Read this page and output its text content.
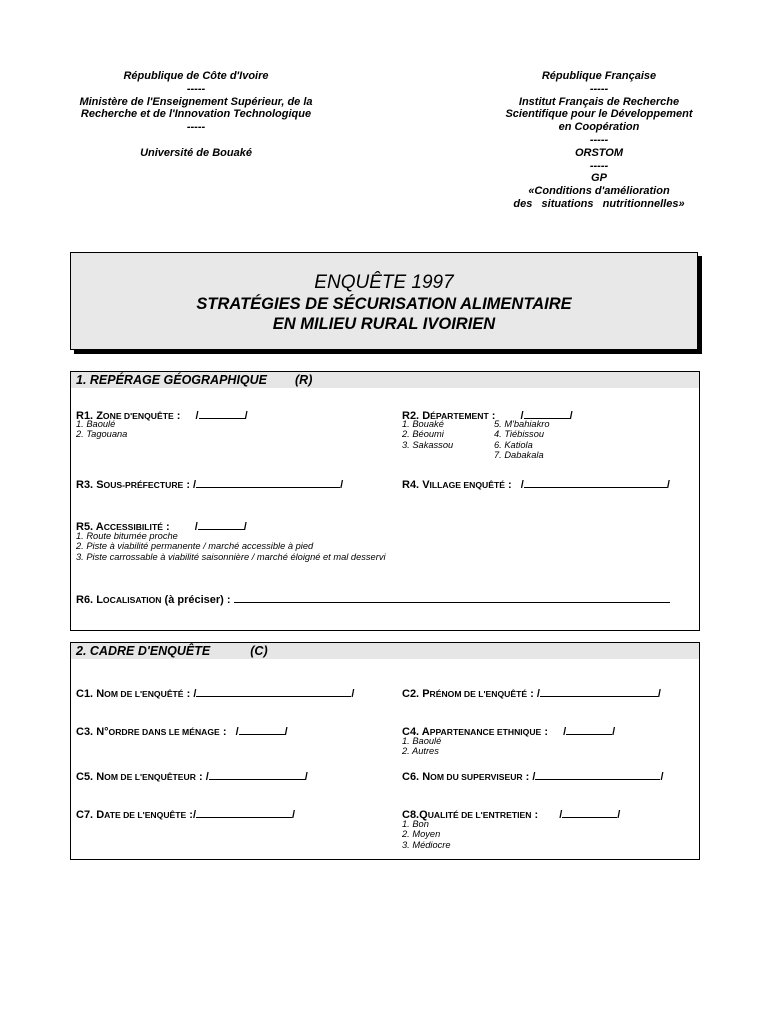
République de Côte d'Ivoire
-----
Ministère de l'Enseignement Supérieur, de la
Recherche et de l'Innovation Technologique
-----
Université de Bouaké
République Française
-----
Institut Français de Recherche
Scientifique pour le Développement
en Coopération
-----
ORSTOM
-----
GP
«Conditions d'amélioration
des   situations   nutritionnelles»
ENQUÊTE 1997
STRATÉGIES DE SÉCURISATION ALIMENTAIRE
EN MILIEU RURAL IVOIRIEN
1. REPÉRAGE GÉOGRAPHIQUE (R)
R1. ZONE D'ENQUÊTE : /	/
1. Baoulé
2. Tagouana
R2. DÉPARTEMENT : /	/
1. Bouaké
2. Béoumi
3. Sakassou
5. M'bahiakro
4. Tiébissou
6. Katiola
7. Dabakala
R3. SOUS-PRÉFECTURE : /	/	R4. VILLAGE ENQUÊTÉ : /	/
R5. ACCESSIBILITÉ : /	/
1. Route bitumée proche
2. Piste à viabilité permanente / marché accessible à pied
3. Piste carrossable à viabilité saisonnière / marché éloigné et mal desservi
R6. LOCALISATION (à préciser) :
2. CADRE D'ENQUÊTE	(C)
C1. NOM DE L'ENQUÊTÉ : /	/	C2. PRÉNOM DE L'ENQUÊTÉ : /	/
C3. N°ORDRE DANS LE MÉNAGE : /	/	C4. APPARTENANCE ETHNIQUE : /	/
1. Baoulé
2. Autres
C5. NOM DE L'ENQUÊTEUR : /	/	C6. NOM DU SUPERVISEUR : /	/
C7. DATE DE L'ENQUÊTE :/	/	C8.QUALITÉ DE L'ENTRETIEN : /	/
1. Bon
2. Moyen
3. Médiocre
